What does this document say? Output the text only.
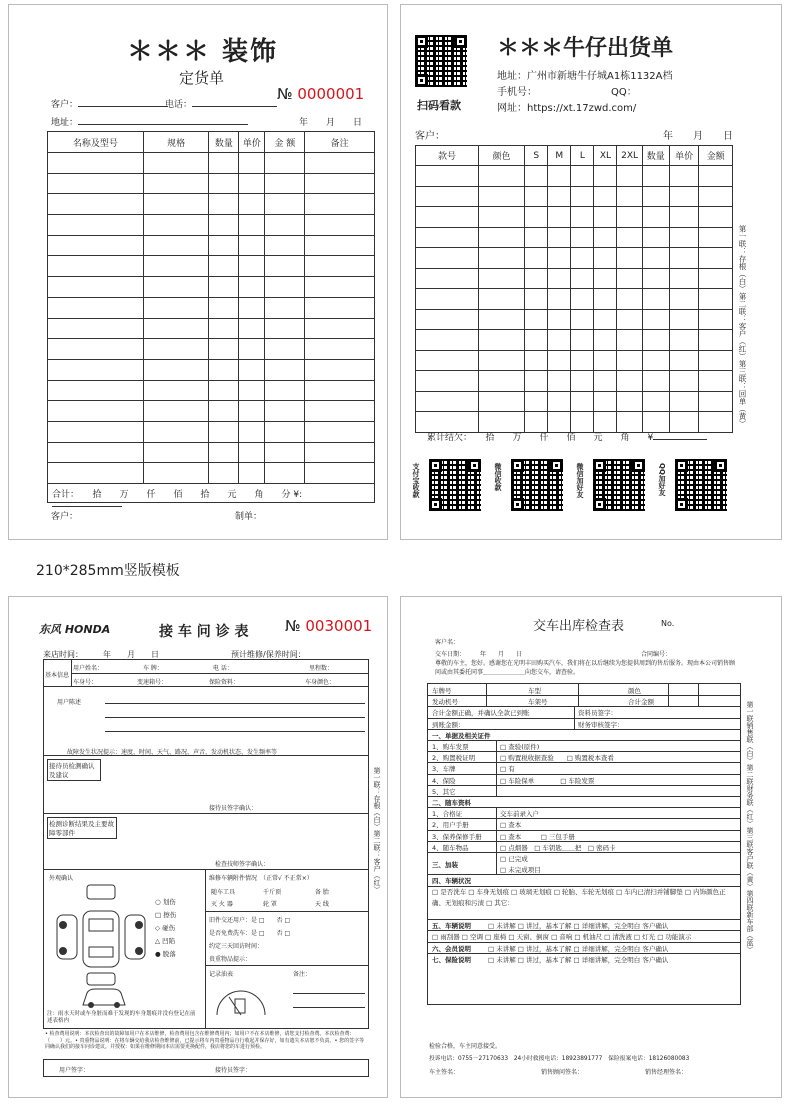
＊＊＊ 装饰
定货单
№ 0000001
客户：	电话：
地址：	年　　月　　日
名称及型号	规格	数量	单价	金 额	备注

合计：　　拾　　万　　仟　　佰　　拾　　元　　角　　分 ¥:
客户：	制单：
扫码看款
＊＊＊牛仔出货单
地址：广州市新塘牛仔城A1栋1132A档
手机号：	QQ：
网址：https://xt.17zwd.com/
客户：	年　　月　　日
款号	颜色	S	M	L	XL	2XL	数量	单价	金额

累计结欠：　　拾　　万　　仟　　佰　　元　　角　　¥
第一联：存根（白）第二联：客户（红）第三联：回单（黄）
支付宝收款	微信收款	微信加好友	QQ加好友
210*285mm竖版模板
东风 HONDA	接 车 问 诊 表 № 0030001
来店时间：　　　年　　月　　日	预计维修/保养时间：
基本信息
用户姓名：	车 牌：	电 话：	里程数：
车身号：	变速箱号：	保险资料：	车身颜色：
用户陈述
故障发生状况提示：速度、时间、天气、路况、声音、发动机状态、发生频率等
接待员检测确认及建议
接待员签字确认：
检测诊断结果及主要故障零部件
检查技师签字确认：
外观确认
○ 划伤
□ 擦伤
◇ 碰伤
△ 凹陷
● 脱落
维修车辆附件情况　（正常√ 不正常×）
随车工具	千斤顶	备 胎
灭 火 器	轮 罩	天 线
旧件交还用户：是 □　　否 □
是否免费洗车：是 □　　否 □
约定三天回访时间：
贵重物品提示：
记录油表	备注：
注：雨水天时或车身脏而难于发现的车身划痕并没有登记在前述表格内
• 检查费用说明：本次检查出的故障如用户在本店维修，检查费用包含在维修费用内；如用户不在本店维修，请您支付检查费。本次检查费：（　　）元。• 贵重物品说明：在将车辆交给我店检查维修前，已提示将车内贵重物品自行收起并保存好，如有遗失本店恕不负责。• 您的签字等同确认我们的接车问诊建议，并授权：如果在维修期间本店需要更换配件，我店将您的车进行预检。
用户签字：	接待员签字：
第一联：存根（白）第二联：客户（红）
交车出库检查表	No.
客户名：
交车日期：　　　年　　月　　日	合同编号：
尊敬的车主，您好。感谢您在光明丰田购买汽车，我们将在以后继续为您提供周到的售后服务。现由本公司销售顾问或由其委托同事＿＿＿＿＿＿＿向您交车，请查验。
车牌号	车型	颜色
发动机号	车架号	合计金额
合计金额正确，并确认全款已到账	资料员签字：
到账金额：	财务审核签字：
一、单据及相关证件
1、购车发票	□ 查验(原件)
2、购置税证明	□ 购置税收据查验　　□ 购置税本查看
3、车牌	□ 有
4、保险	□ 车险保单　　　　□ 车险发票
5、其它
二、随车资料
1、合格证	交车前录入户
2、用户手册	□ 查本
3、保养保修手册	□ 查本　　　□ 三包手册
4、随车物品	□ 点烟器　□ 车钥匙＿＿把　□ 密码卡
三、加装
□ 已完成
□ 未完成项目
四、车辆状况
□ 是否洗车 □ 车身无划痕 □ 玻璃无划痕 □ 轮胎、车轮无划痕 □ 车内已清扫并铺脚垫 □ 内饰颜色正确、无划痕和污渍 □ 其它：
五、车辆说明	□ 未讲解 □ 讲过，基本了解 □ 详细讲解，完全明白 客户确认
□ 雨刮器 □ 空调 □ 座椅 □ 天窗、倒窗 □ 音响 □ 机油尺 □ 清洗液 □ 灯光 □ 功能演示
六、会员说明	□ 未讲解 □ 讲过，基本了解 □ 详细讲解，完全明白 客户确认
七、保险说明	□ 未讲解 □ 讲过，基本了解 □ 详细讲解，完全明白 客户确认
检验合格，车主同意接受。
投诉电话：0755－27170633　24小时救援电话：18923891777　保险报案电话：18126080083
车主签名：	销售顾问签名：	销售经理签名：
第一联销售联（白）第二联财务联（红）第三联客户联（黄）第四联新车部（蓝）
